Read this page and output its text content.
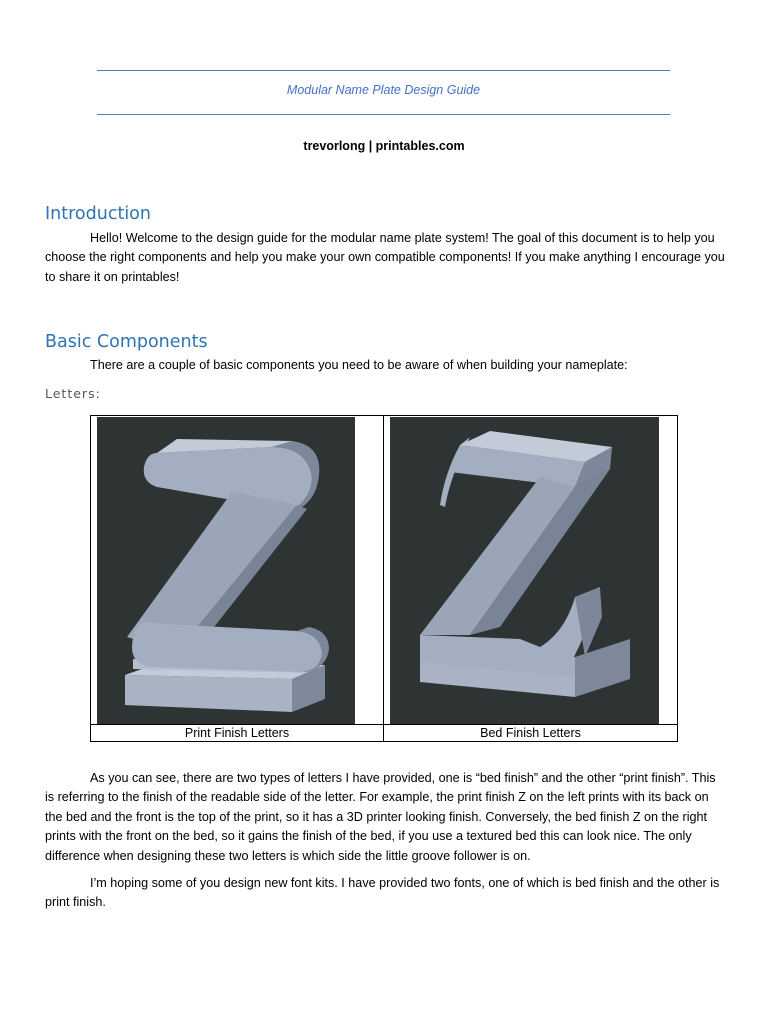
Modular Name Plate Design Guide
trevorlong | printables.com
Introduction

Hello! Welcome to the design guide for the modular name plate system! The goal of this document is to help you choose the right components and help you make your own compatible components! If you make anything I encourage you to share it on printables!

Basic Components

There are a couple of basic components you need to be aware of when building your nameplate:

Letters:
Print Finish Letters	Bed Finish Letters

As you can see, there are two types of letters I have provided, one is “bed finish” and the other “print finish”. This is referring to the finish of the readable side of the letter. For example, the print finish Z on the left prints with its back on the bed and the front is the top of the print, so it has a 3D printer looking finish. Conversely, the bed finish Z on the right prints with the front on the bed, so it gains the finish of the bed, if you use a textured bed this can look nice. The only difference when designing these two letters is which side the little groove follower is on.

I’m hoping some of you design new font kits. I have provided two fonts, one of which is bed finish and the other is print finish.
